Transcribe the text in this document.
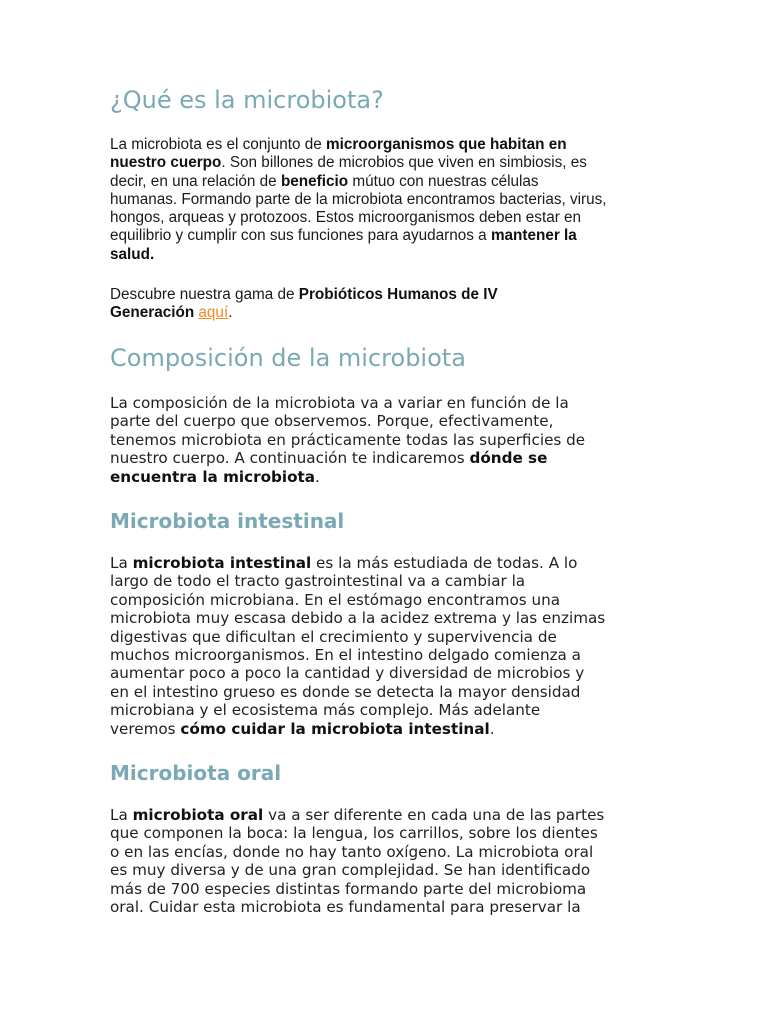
¿Qué es la microbiota?

La microbiota es el conjunto de microorganismos que habitan en
nuestro cuerpo. Son billones de microbios que viven en simbiosis, es
decir, en una relación de beneficio mútuo con nuestras células
humanas. Formando parte de la microbiota encontramos bacterias, virus,
hongos, arqueas y protozoos. Estos microorganismos deben estar en
equilibrio y cumplir con sus funciones para ayudarnos a mantener la
salud.

Descubre nuestra gama de Probióticos Humanos de IV
Generación aquí.

Composición de la microbiota

La composición de la microbiota va a variar en función de la
parte del cuerpo que observemos. Porque, efectivamente,
tenemos microbiota en prácticamente todas las superficies de
nuestro cuerpo. A continuación te indicaremos dónde se
encuentra la microbiota.

Microbiota intestinal

La microbiota intestinal es la más estudiada de todas. A lo
largo de todo el tracto gastrointestinal va a cambiar la
composición microbiana. En el estómago encontramos una
microbiota muy escasa debido a la acidez extrema y las enzimas
digestivas que dificultan el crecimiento y supervivencia de
muchos microorganismos. En el intestino delgado comienza a
aumentar poco a poco la cantidad y diversidad de microbios y
en el intestino grueso es donde se detecta la mayor densidad
microbiana y el ecosistema más complejo. Más adelante
veremos cómo cuidar la microbiota intestinal.

Microbiota oral

La microbiota oral va a ser diferente en cada una de las partes
que componen la boca: la lengua, los carrillos, sobre los dientes
o en las encías, donde no hay tanto oxígeno. La microbiota oral
es muy diversa y de una gran complejidad. Se han identificado
más de 700 especies distintas formando parte del microbioma
oral. Cuidar esta microbiota es fundamental para preservar la
